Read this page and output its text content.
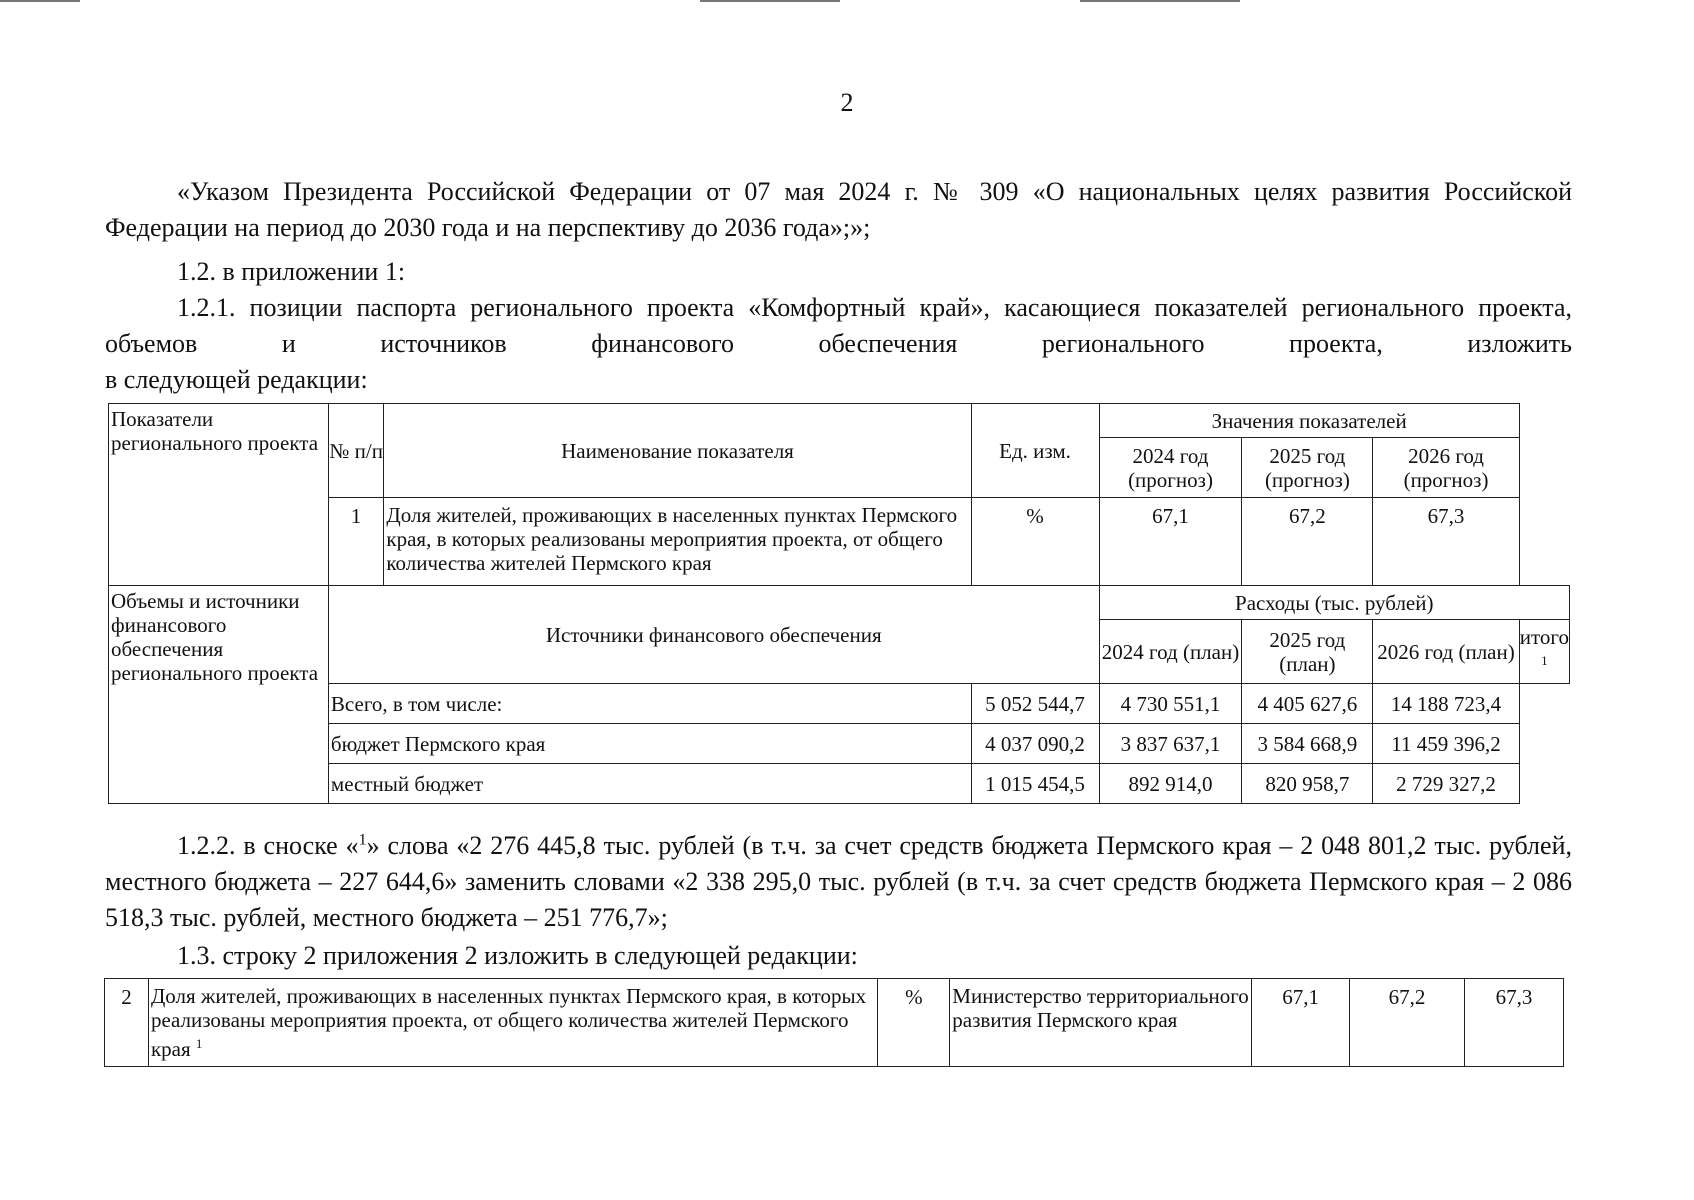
2
«Указом Президента Российской Федерации от 07 мая 2024 г. № 309 «О национальных целях развития Российской Федерации на период до 2030 года и на перспективу до 2036 года»;»;
1.2. в приложении 1:
1.2.1. позиции паспорта регионального проекта «Комфортный край», касающиеся показателей регионального проекта, объемов и источников финансового обеспечения регионального проекта, изложить
в следующей редакции:
Показатели регионального проекта	№ п/п	Наименование показателя	Ед. изм.	Значения показателей			
				2024 год (прогноз)	2025 год (прогноз)	2026 год (прогноз)	
	1	Доля жителей, проживающих в населенных пунктах Пермского края, в которых реализованы мероприятия проекта, от общего количества жителей Пермского края	%	67,1	67,2	67,3	
Объемы и источники финансового обеспечения регионального проекта	Источники финансового обеспечения			Расходы (тыс. рублей)			
				2024 год (план)	2025 год (план)	2026 год (план)	итого $^1$
	Всего, в том числе:		5 052 544,7	4 730 551,1	4 405 627,6	14 188 723,4	
	бюджет Пермского края		4 037 090,2	3 837 637,1	3 584 668,9	11 459 396,2	
	местный бюджет		1 015 454,5	892 914,0	820 958,7	2 729 327,2	
1.2.2. в сноске «$^1$» слова «2 276 445,8 тыс. рублей (в т.ч. за счет средств бюджета Пермского края – 2 048 801,2 тыс. рублей, местного бюджета – 227 644,6» заменить словами «2 338 295,0 тыс. рублей (в т.ч. за счет средств бюджета Пермского края – 2 086 518,3 тыс. рублей, местного бюджета – 251 776,7»;
1.3. строку 2 приложения 2 изложить в следующей редакции:
2	Доля жителей, проживающих в населенных пунктах Пермского края, в которых реализованы мероприятия проекта, от общего количества жителей Пермского края $^1$	%	Министерство территориального развития Пермского края	67,1	67,2	67,3
